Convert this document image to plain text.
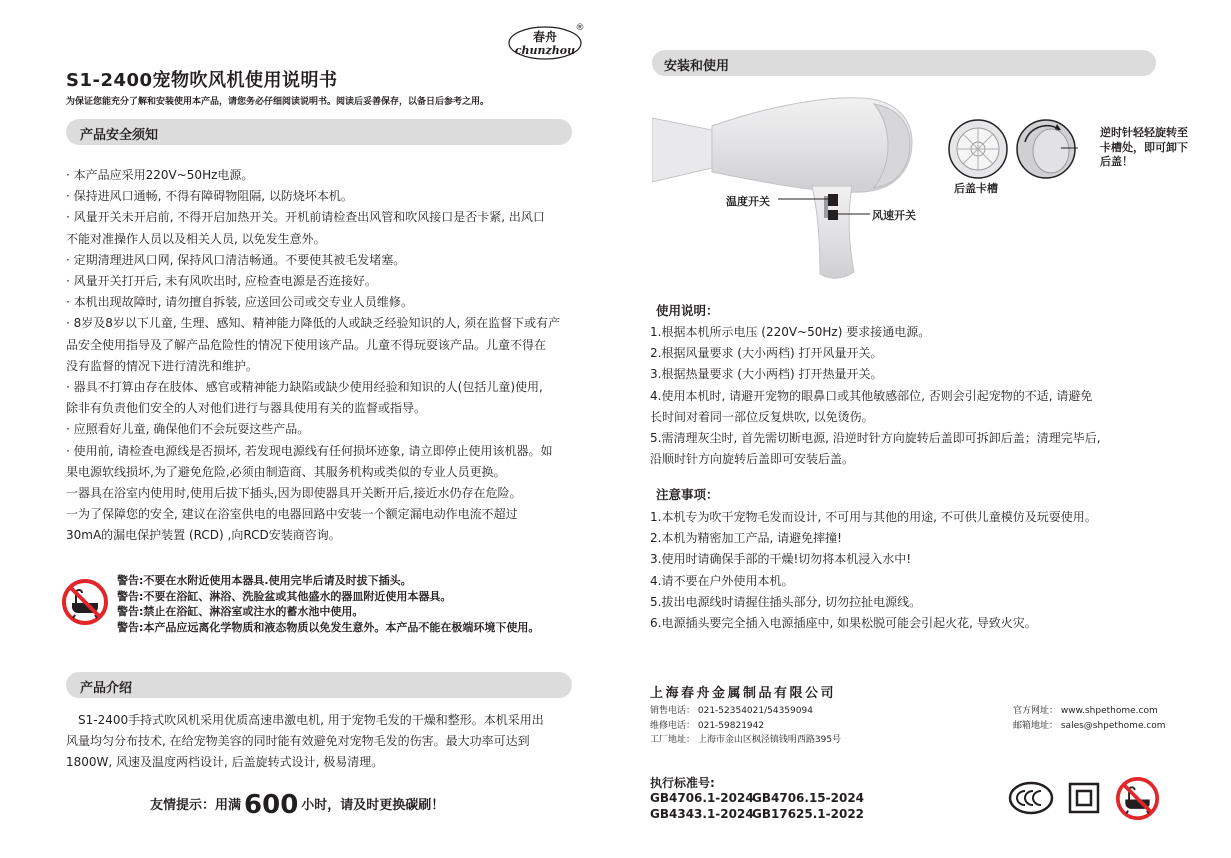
春舟
chunzhou
®
S1-2400宠物吹风机使用说明书
为保证您能充分了解和安装使用本产品，请您务必仔细阅读说明书。阅读后妥善保存，以备日后参考之用。
产品安全须知
· 本产品应采用220V~50Hz电源。
· 保持进风口通畅, 不得有障碍物阻隔, 以防烧坏本机。
· 风量开关未开启前, 不得开启加热开关。开机前请检查出风管和吹风接口是否卡紧, 出风口
不能对准操作人员以及相关人员, 以免发生意外。
· 定期清理进风口网, 保持风口清洁畅通。不要使其被毛发堵塞。
· 风量开关打开后, 未有风吹出时, 应检查电源是否连接好。
· 本机出现故障时, 请勿擅自拆装, 应送回公司或交专业人员维修。
· 8岁及8岁以下儿童, 生理、感知、精神能力降低的人或缺乏经验知识的人, 须在监督下或有产
品安全使用指导及了解产品危险性的情况下使用该产品。儿童不得玩耍该产品。儿童不得在
没有监督的情况下进行清洗和维护。
· 器具不打算由存在肢体、感官或精神能力缺陷或缺少使用经验和知识的人(包括儿童)使用,
除非有负责他们安全的人对他们进行与器具使用有关的监督或指导。
· 应照看好儿童, 确保他们不会玩耍这些产品。
· 使用前, 请检查电源线是否损坏, 若发现电源线有任何损坏迹象, 请立即停止使用该机器。如
果电源软线损坏,为了避免危险,必须由制造商、其服务机构或类似的专业人员更换。
一器具在浴室内使用时,使用后拔下插头,因为即使器具开关断开后,接近水仍存在危险。
一为了保障您的安全, 建议在浴室供电的电器回路中安装一个额定漏电动作电流不超过
30mA的漏电保护装置 (RCD) ,向RCD安装商咨询。
警告:不要在水附近使用本器具.使用完毕后请及时拔下插头。
警告:不要在浴缸、淋浴、洗脸盆或其他盛水的器皿附近使用本器具。
警告:禁止在浴缸、淋浴室或注水的蓄水池中使用。
警告:本产品应远离化学物质和液态物质以免发生意外。本产品不能在极端环境下使用。
产品介绍
S1-2400手持式吹风机采用优质高速串激电机, 用于宠物毛发的干燥和整形。本机采用出
风量均匀分布技术, 在给宠物美容的同时能有效避免对宠物毛发的伤害。最大功率可达到
1800W, 风速及温度两档设计, 后盖旋转式设计, 极易清理。
友情提示：用满 600 小时，请及时更换碳刷！
安装和使用
温度开关
风速开关
后盖卡槽
逆时针轻轻旋转至
卡槽处，即可卸下
后盖！
使用说明：
1.根据本机所示电压 (220V~50Hz) 要求接通电源。
2.根据风量要求 (大小两档) 打开风量开关。
3.根据热量要求 (大小两档) 打开热量开关。
4.使用本机时, 请避开宠物的眼鼻口或其他敏感部位, 否则会引起宠物的不适, 请避免
长时间对着同一部位反复烘吹, 以免烫伤。
5.需清理灰尘时, 首先需切断电源, 沿逆时针方向旋转后盖即可拆卸后盖；清理完毕后,
沿顺时针方向旋转后盖即可安装后盖。
注意事项：
1.本机专为吹干宠物毛发而设计, 不可用与其他的用途, 不可供儿童模仿及玩耍使用。
2.本机为精密加工产品, 请避免摔撞!
3.使用时请确保手部的干燥!切勿将本机浸入水中!
4.请不要在户外使用本机。
5.拔出电源线时请握住插头部分, 切勿拉扯电源线。
6.电源插头要完全插入电源插座中, 如果松脱可能会引起火花, 导致火灾。
上海春舟金属制品有限公司
销售电话： 021-52354021/54359094
维修电话： 021-59821942
工厂地址： 上海市金山区枫泾镇钱明西路395号
官方网址： www.shpethome.com
邮箱地址： sales@shpethome.com
执行标准号:
GB4706.1-2024
GB4343.1-2024
GB4706.15-2024
GB17625.1-2022
